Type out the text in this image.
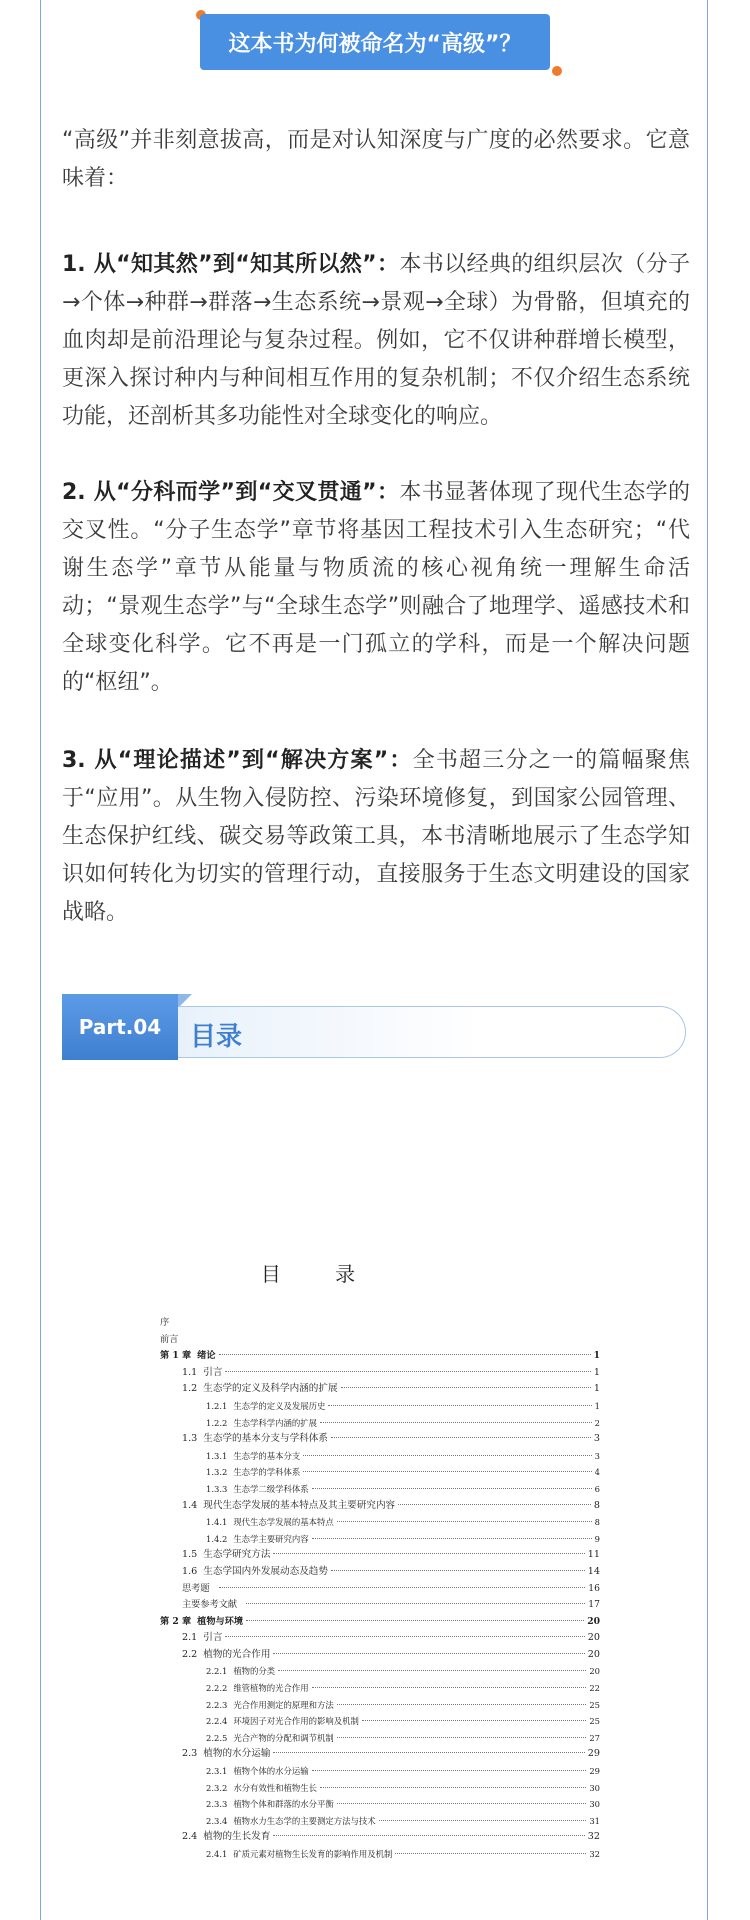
这本书为何被命名为“高级”？

“高级”并非刻意拔高，而是对认知深度与广度的必然要求。它意味着：

1. 从“知其然”到“知其所以然”：本书以经典的组织层次（分子→个体→种群→群落→生态系统→景观→全球）为骨骼，但填充的血肉却是前沿理论与复杂过程。例如，它不仅讲种群增长模型，更深入探讨种内与种间相互作用的复杂机制；不仅介绍生态系统功能，还剖析其多功能性对全球变化的响应。

2. 从“分科而学”到“交叉贯通”：本书显著体现了现代生态学的交叉性。“分子生态学”章节将基因工程技术引入生态研究；“代谢生态学”章节从能量与物质流的核心视角统一理解生命活动；“景观生态学”与“全球生态学”则融合了地理学、遥感技术和全球变化科学。它不再是一门孤立的学科，而是一个解决问题的“枢纽”。

3. 从“理论描述”到“解决方案”：全书超三分之一的篇幅聚焦于“应用”。从生物入侵防控、污染环境修复，到国家公园管理、生态保护红线、碳交易等政策工具，本书清晰地展示了生态学知识如何转化为切实的管理行动，直接服务于生态文明建设的国家战略。

Part.04	目录
目 录
序
前言
第 1 章 绪论	1
1.1 引言	1
1.2 生态学的定义及科学内涵的扩展	1
1.2.1 生态学的定义及发展历史	1
1.2.2 生态学科学内涵的扩展	2
1.3 生态学的基本分支与学科体系	3
1.3.1 生态学的基本分支	3
1.3.2 生态学的学科体系	4
1.3.3 生态学二级学科体系	6
1.4 现代生态学发展的基本特点及其主要研究内容	8
1.4.1 现代生态学发展的基本特点	8
1.4.2 生态学主要研究内容	9
1.5 生态学研究方法	11
1.6 生态学国内外发展动态及趋势	14
思考题	16
主要参考文献	17
第 2 章 植物与环境	20
2.1 引言	20
2.2 植物的光合作用	20
2.2.1 植物的分类	20
2.2.2 维管植物的光合作用	22
2.2.3 光合作用测定的原理和方法	25
2.2.4 环境因子对光合作用的影响及机制	25
2.2.5 光合产物的分配和调节机制	27
2.3 植物的水分运输	29
2.3.1 植物个体的水分运输	29
2.3.2 水分有效性和植物生长	30
2.3.3 植物个体和群落的水分平衡	30
2.3.4 植物水力生态学的主要测定方法与技术	31
2.4 植物的生长发育	32
2.4.1 矿质元素对植物生长发育的影响作用及机制	32
